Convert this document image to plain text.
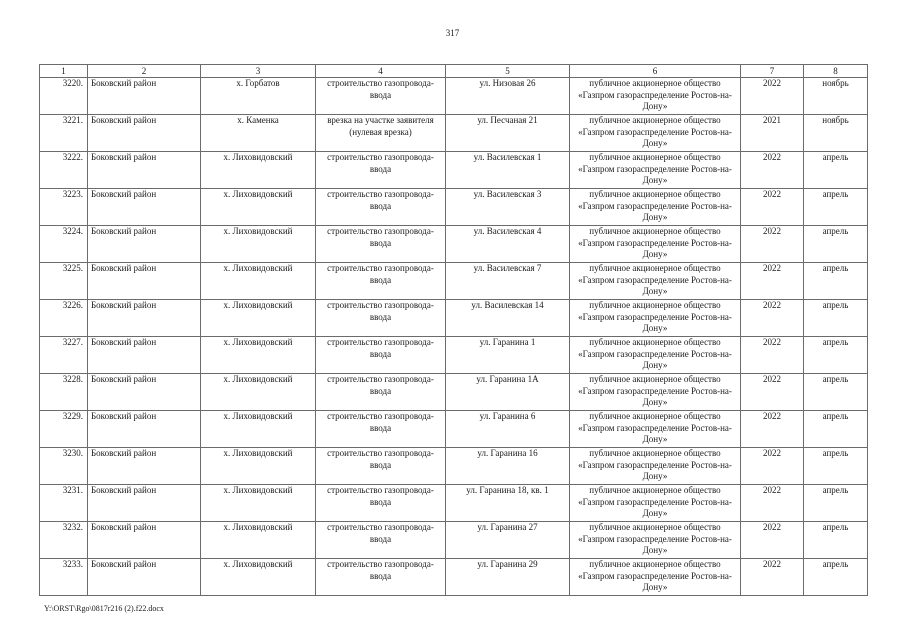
317
1	2	3	4	5	6	7	8
3220.	Боковский район	х. Горбатов	строительство газопровода-ввода	ул. Низовая 26	публичное акционерное общество «Газпром газораспределение Ростов-на-Дону»	2022	ноябрь
3221.	Боковский район	х. Каменка	врезка на участке заявителя (нулевая врезка)	ул. Песчаная 21	публичное акционерное общество «Газпром газораспределение Ростов-на-Дону»	2021	ноябрь
3222.	Боковский район	х. Лиховидовский	строительство газопровода-ввода	ул. Василевская 1	публичное акционерное общество «Газпром газораспределение Ростов-на-Дону»	2022	апрель
3223.	Боковский район	х. Лиховидовский	строительство газопровода-ввода	ул. Василевская 3	публичное акционерное общество «Газпром газораспределение Ростов-на-Дону»	2022	апрель
3224.	Боковский район	х. Лиховидовский	строительство газопровода-ввода	ул. Василевская 4	публичное акционерное общество «Газпром газораспределение Ростов-на-Дону»	2022	апрель
3225.	Боковский район	х. Лиховидовский	строительство газопровода-ввода	ул. Василевская 7	публичное акционерное общество «Газпром газораспределение Ростов-на-Дону»	2022	апрель
3226.	Боковский район	х. Лиховидовский	строительство газопровода-ввода	ул. Василевская 14	публичное акционерное общество «Газпром газораспределение Ростов-на-Дону»	2022	апрель
3227.	Боковский район	х. Лиховидовский	строительство газопровода-ввода	ул. Гаранина 1	публичное акционерное общество «Газпром газораспределение Ростов-на-Дону»	2022	апрель
3228.	Боковский район	х. Лиховидовский	строительство газопровода-ввода	ул. Гаранина 1А	публичное акционерное общество «Газпром газораспределение Ростов-на-Дону»	2022	апрель
3229.	Боковский район	х. Лиховидовский	строительство газопровода-ввода	ул. Гаранина 6	публичное акционерное общество «Газпром газораспределение Ростов-на-Дону»	2022	апрель
3230.	Боковский район	х. Лиховидовский	строительство газопровода-ввода	ул. Гаранина 16	публичное акционерное общество «Газпром газораспределение Ростов-на-Дону»	2022	апрель
3231.	Боковский район	х. Лиховидовский	строительство газопровода-ввода	ул. Гаранина 18, кв. 1	публичное акционерное общество «Газпром газораспределение Ростов-на-Дону»	2022	апрель
3232.	Боковский район	х. Лиховидовский	строительство газопровода-ввода	ул. Гаранина 27	публичное акционерное общество «Газпром газораспределение Ростов-на-Дону»	2022	апрель
3233.	Боковский район	х. Лиховидовский	строительство газопровода-ввода	ул. Гаранина 29	публичное акционерное общество «Газпром газораспределение Ростов-на-Дону»	2022	апрель
Y:\ORST\Rgo\0817r216 (2).f22.docx
